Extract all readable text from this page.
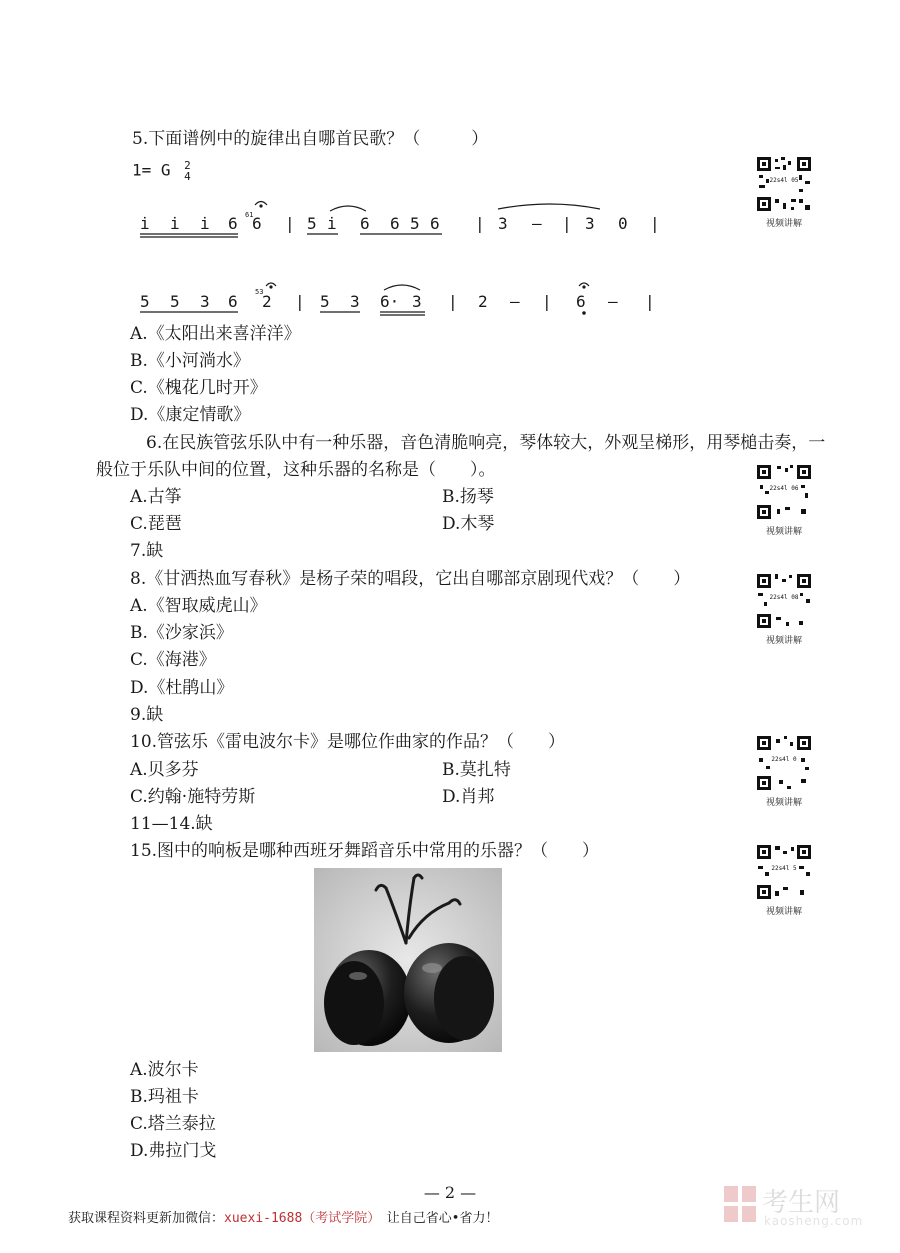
5.下面谱例中的旋律出自哪首民歌？（　　　）
1= G 2
4
i̇ i̇ i̇ 6 6
61 | 5 i̇ 6 6 5 6 | 3 – | 3 0 |
5 5 3 6 2
53 | 5 3 6· 3 | 2 – | 6 – |
A.《太阳出来喜洋洋》
B.《小河淌水》
C.《槐花几时开》
D.《康定情歌》
6.在民族管弦乐队中有一种乐器，音色清脆响亮，琴体较大，外观呈梯形，用琴槌击奏，一
般位于乐队中间的位置，这种乐器的名称是（　　）。
A.古筝	B.扬琴
C.琵琶	D.木琴
7.缺
8.《甘洒热血写春秋》是杨子荣的唱段，它出自哪部京剧现代戏？（　　）
A.《智取威虎山》
B.《沙家浜》
C.《海港》
D.《杜鹃山》
9.缺
10.管弦乐《雷电波尔卡》是哪位作曲家的作品？（　　）
A.贝多芬	B.莫扎特
C.约翰·施特劳斯	D.肖邦
11—14.缺
15.图中的响板是哪种西班牙舞蹈音乐中常用的乐器？（　　）
A.波尔卡
B.玛祖卡
C.塔兰泰拉
D.弗拉门戈
22s4l 05
视频讲解
22s4l 06
视频讲解
22s4l 08
视频讲解
22s4l 0
视频讲解
22s4l 5
视频讲解
— 2 —
获取课程资料更新加微信：xuexi-1688（考试学院）　让自己省心•省力！
考生网
kaosheng.com
